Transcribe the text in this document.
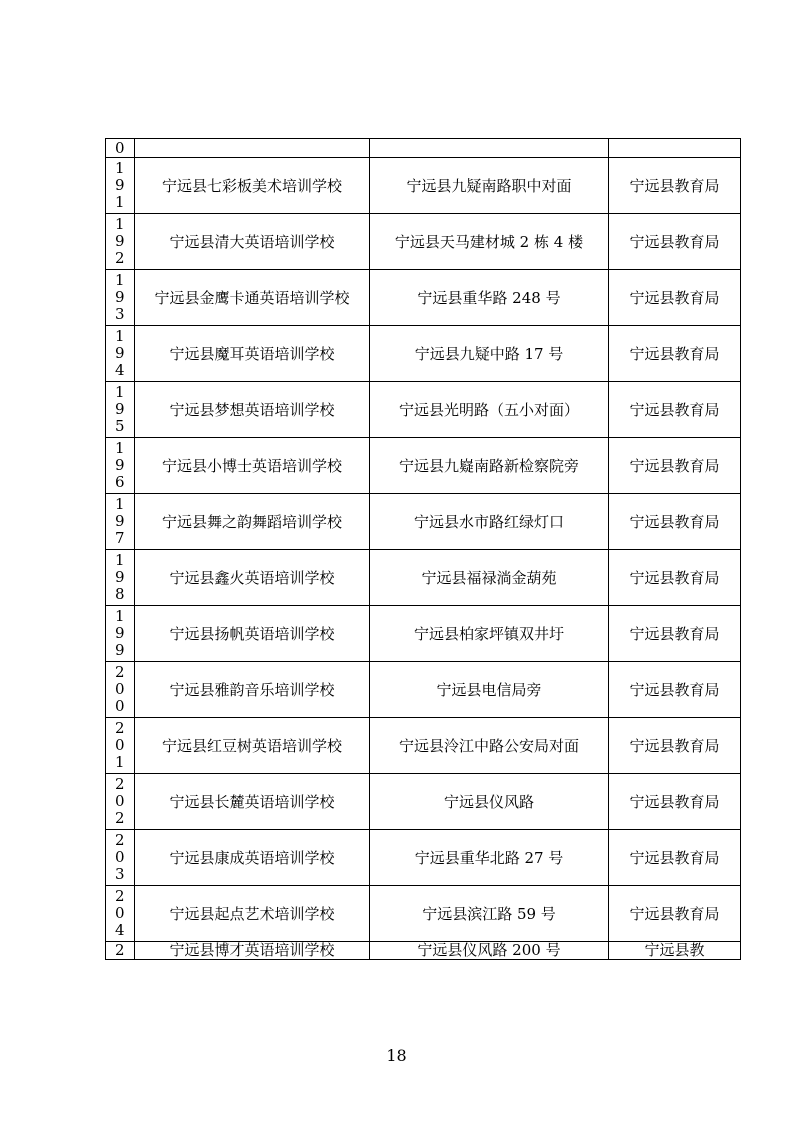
0			

1
9
1	宁远县七彩板美术培训学校	宁远县九疑南路职中对面	宁远县教育局

1
9
2	宁远县清大英语培训学校	宁远县天马建材城 2 栋 4 楼	宁远县教育局

1
9
3	宁远县金鹰卡通英语培训学校	宁远县重华路 248 号	宁远县教育局

1
9
4	宁远县魔耳英语培训学校	宁远县九疑中路 17 号	宁远县教育局

1
9
5	宁远县梦想英语培训学校	宁远县光明路（五小对面）	宁远县教育局

1
9
6	宁远县小博士英语培训学校	宁远县九嶷南路新检察院旁	宁远县教育局

1
9
7	宁远县舞之韵舞蹈培训学校	宁远县水市路红绿灯口	宁远县教育局

1
9
8	宁远县鑫火英语培训学校	宁远县福禄淌金葫苑	宁远县教育局

1
9
9	宁远县扬帆英语培训学校	宁远县柏家坪镇双井圩	宁远县教育局

2
0
0	宁远县雅韵音乐培训学校	宁远县电信局旁	宁远县教育局

2
0
1	宁远县红豆树英语培训学校	宁远县泠江中路公安局对面	宁远县教育局

2
0
2	宁远县长麓英语培训学校	宁远县仪风路	宁远县教育局

2
0
3	宁远县康成英语培训学校	宁远县重华北路 27 号	宁远县教育局

2
0
4	宁远县起点艺术培训学校	宁远县滨江路 59 号	宁远县教育局

2	宁远县博才英语培训学校	宁远县仪风路 200 号	宁远县教
18
